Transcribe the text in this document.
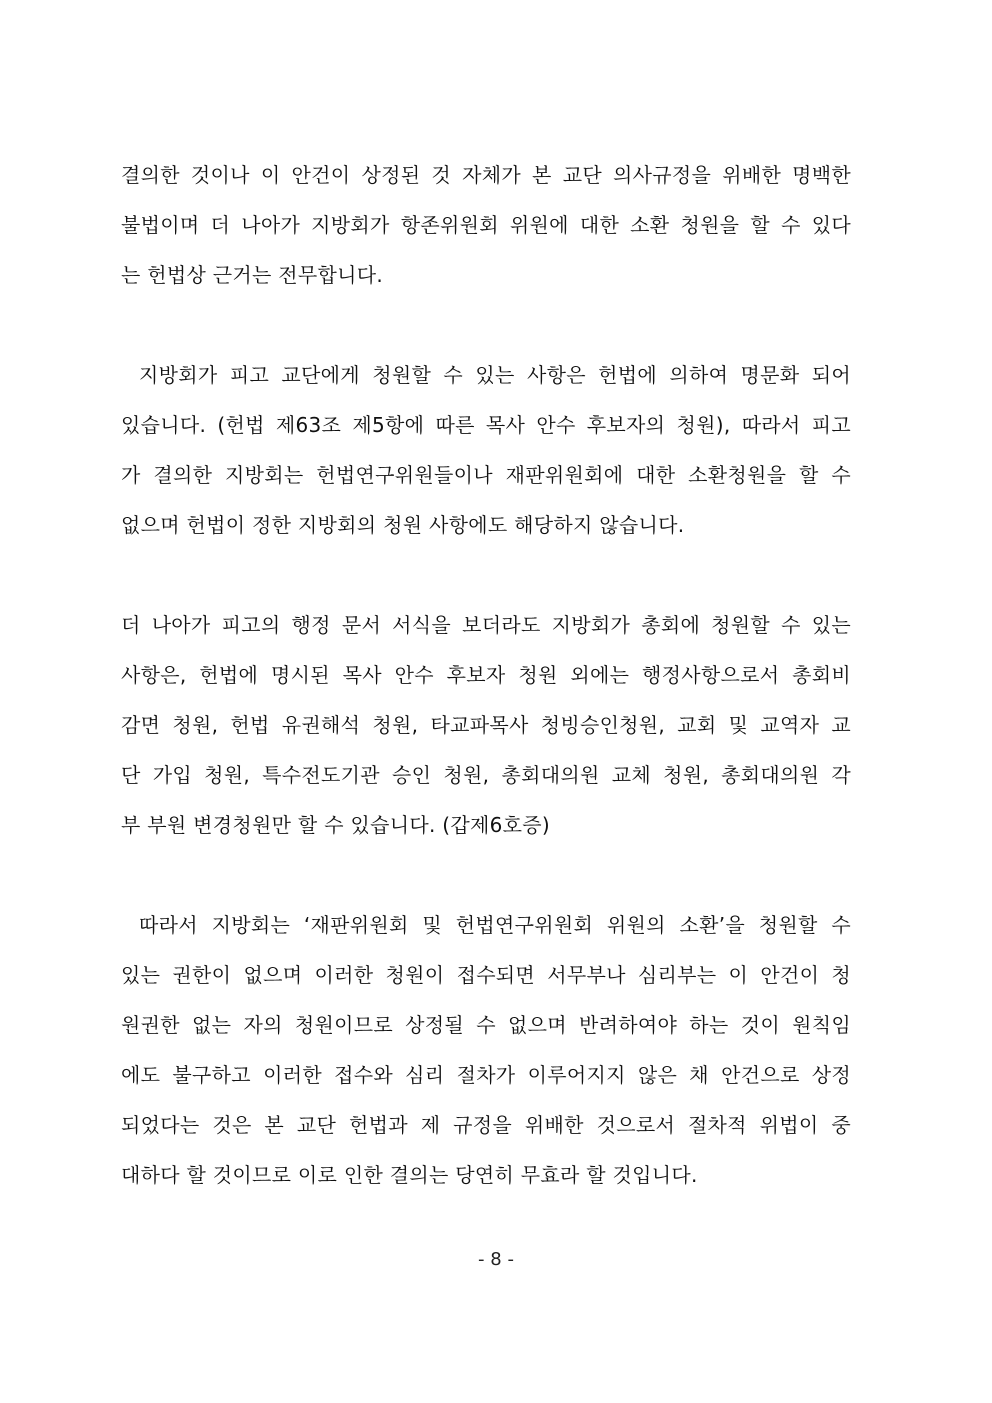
결의한 것이나 이 안건이 상정된 것 자체가 본 교단 의사규정을 위배한 명백한
불법이며 더 나아가 지방회가 항존위원회 위원에 대한 소환 청원을 할 수 있다
는 헌법상 근거는 전무합니다.
지방회가 피고 교단에게 청원할 수 있는 사항은 헌법에 의하여 명문화 되어
있습니다. (헌법 제63조 제5항에 따른 목사 안수 후보자의 청원), 따라서 피고
가 결의한 지방회는 헌법연구위원들이나 재판위원회에 대한 소환청원을 할 수
없으며 헌법이 정한 지방회의 청원 사항에도 해당하지 않습니다.
더 나아가 피고의 행정 문서 서식을 보더라도 지방회가 총회에 청원할 수 있는
사항은, 헌법에 명시된 목사 안수 후보자 청원 외에는 행정사항으로서 총회비
감면 청원, 헌법 유권해석 청원, 타교파목사 청빙승인청원, 교회 및 교역자 교
단 가입 청원, 특수전도기관 승인 청원, 총회대의원 교체 청원, 총회대의원 각
부 부원 변경청원만 할 수 있습니다. (갑제6호증)
따라서 지방회는 ‘재판위원회 및 헌법연구위원회 위원의 소환’을 청원할 수
있는 권한이 없으며 이러한 청원이 접수되면 서무부나 심리부는 이 안건이 청
원권한 없는 자의 청원이므로 상정될 수 없으며 반려하여야 하는 것이 원칙임
에도 불구하고 이러한 접수와 심리 절차가 이루어지지 않은 채 안건으로 상정
되었다는 것은 본 교단 헌법과 제 규정을 위배한 것으로서 절차적 위법이 중
대하다 할 것이므로 이로 인한 결의는 당연히 무효라 할 것입니다.
- 8 -
